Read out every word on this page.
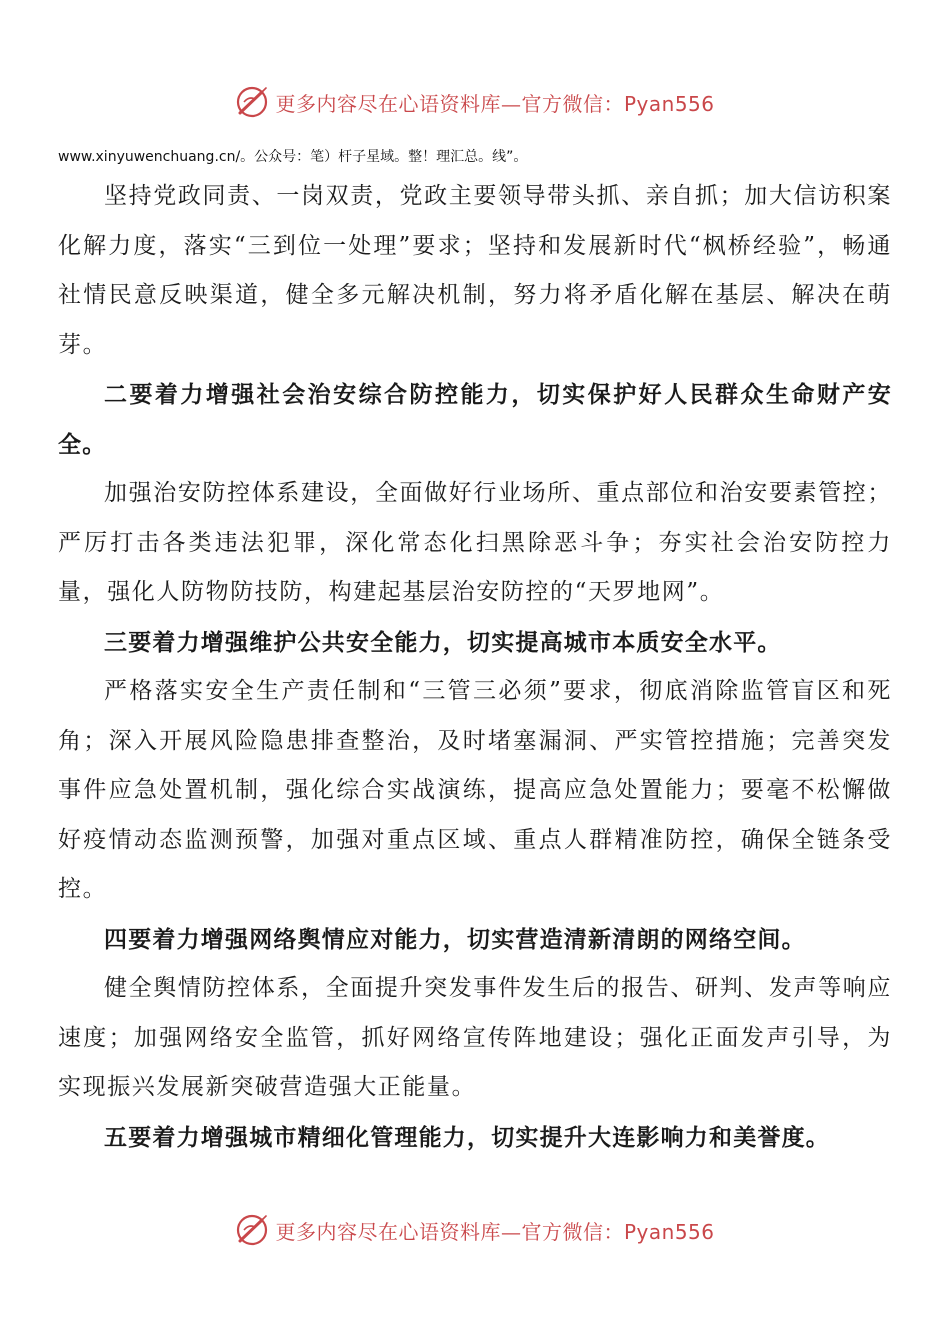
更多内容尽在心语资料库—官方微信：Pyan556
www.xinyuwenchuang.cn/。公众号：笔）杆子星域。整！理汇总。线”。

坚持党政同责、一岗双责，党政主要领导带头抓、亲自抓；加大信访积案化解力度，落实“三到位一处理”要求；坚持和发展新时代“枫桥经验”，畅通社情民意反映渠道，健全多元解决机制，努力将矛盾化解在基层、解决在萌芽。

二要着力增强社会治安综合防控能力，切实保护好人民群众生命财产安全。

加强治安防控体系建设，全面做好行业场所、重点部位和治安要素管控；严厉打击各类违法犯罪，深化常态化扫黑除恶斗争；夯实社会治安防控力量，强化人防物防技防，构建起基层治安防控的“天罗地网”。

三要着力增强维护公共安全能力，切实提高城市本质安全水平。

严格落实安全生产责任制和“三管三必须”要求，彻底消除监管盲区和死角；深入开展风险隐患排查整治，及时堵塞漏洞、严实管控措施；完善突发事件应急处置机制，强化综合实战演练，提高应急处置能力；要毫不松懈做好疫情动态监测预警，加强对重点区域、重点人群精准防控，确保全链条受控。

四要着力增强网络舆情应对能力，切实营造清新清朗的网络空间。

健全舆情防控体系，全面提升突发事件发生后的报告、研判、发声等响应速度；加强网络安全监管，抓好网络宣传阵地建设；强化正面发声引导，为实现振兴发展新突破营造强大正能量。

五要着力增强城市精细化管理能力，切实提升大连影响力和美誉度。

更多内容尽在心语资料库—官方微信：Pyan556
